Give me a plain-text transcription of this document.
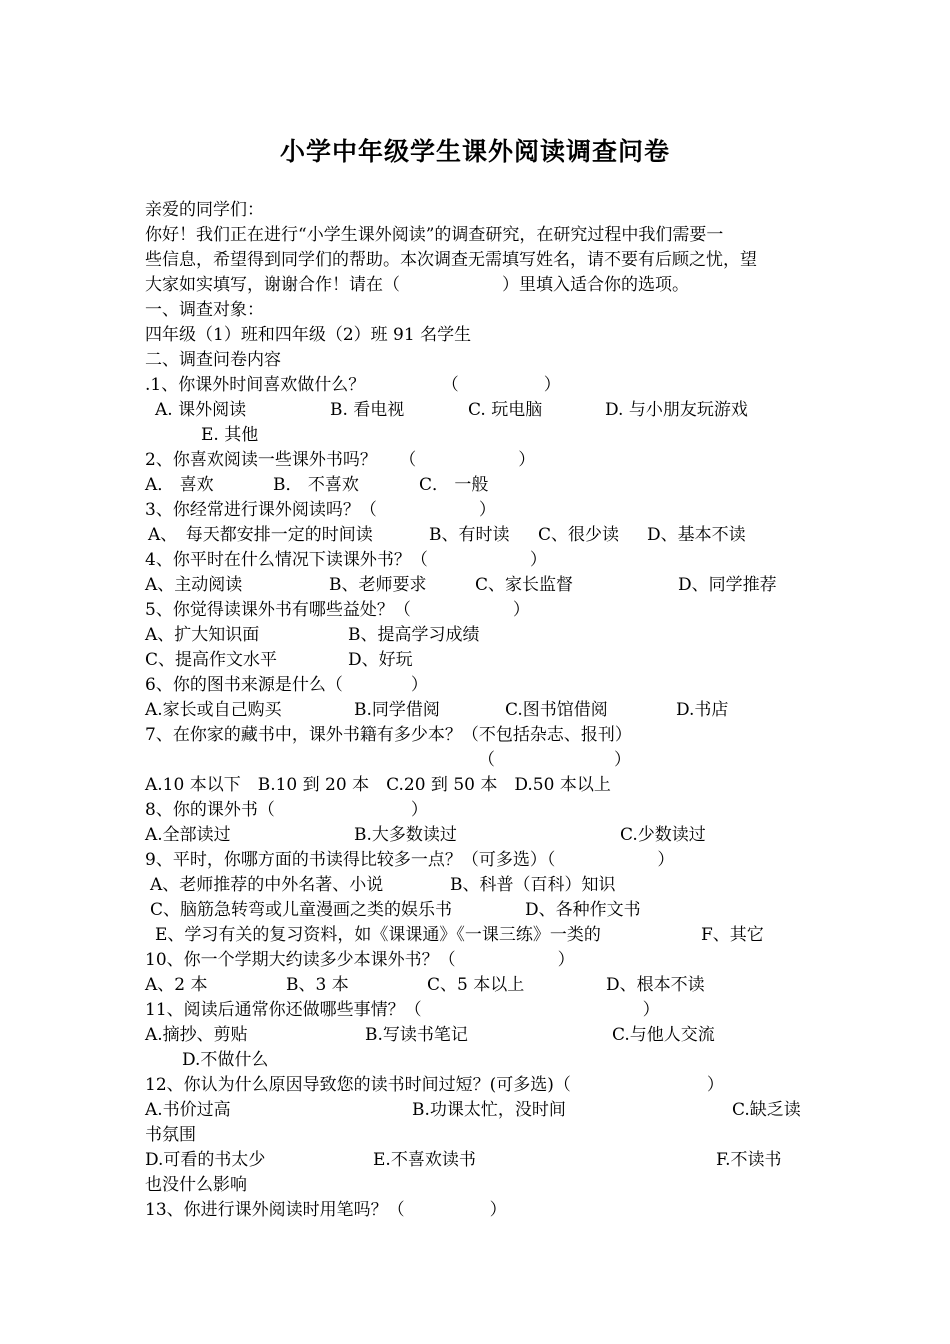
小学中年级学生课外阅读调查问卷
亲爱的同学们：
你好！我们正在进行“小学生课外阅读”的调查研究，在研究过程中我们需要一
些信息，希望得到同学们的帮助。本次调查无需填写姓名，请不要有后顾之忧，望
大家如实填写，谢谢合作！请在（　　　　　　）里填入适合你的选项。
一、调查对象：
四年级（1）班和四年级（2）班 91 名学生
二、调查问卷内容
.1、你课外时间喜欢做什么？　　　　　（　　　　　）
A. 课外阅读	B. 看电视	C. 玩电脑	D. 与小朋友玩游戏
E. 其他
2、你喜欢阅读一些课外书吗？　 （　　　　　　）
A． 喜欢	B． 不喜欢	C． 一般
3、你经常进行课外阅读吗？（　　　　　　）
A、　每天都安排一定的时间读	B、有时读 C、很少读 D、基本不读
4、你平时在什么情况下读课外书？（　　　　　　）
A、主动阅读	B、老师要求	C、家长监督	D、同学推荐
5、你觉得读课外书有哪些益处？（　　　　　　）
A、扩大知识面	B、提高学习成绩
C、提高作文水平	D、好玩
6、你的图书来源是什么（　　　　）
A.家长或自己购买	B.同学借阅	C.图书馆借阅	D.书店
7、在你家的藏书中，课外书籍有多少本？（不包括杂志、报刊）
（　　　　　　　）
A.10 本以下　B.10 到 20 本　C.20 到 50 本　D.50 本以上
8、你的课外书（　　　　　　　　）
A.全部读过	B.大多数读过	C.少数读过
9、平时，你哪方面的书读得比较多一点？（可多选）（　　　　　　）
A、老师推荐的中外名著、小说	B、科普（百科）知识
C、脑筋急转弯或儿童漫画之类的娱乐书	D、各种作文书
E、学习有关的复习资料，如《课课通》《一课三练》一类的	F、其它
10、你一个学期大约读多少本课外书？（　　　　　　）
A、2 本	B、3 本	C、5 本以上	D、根本不读
11、阅读后通常你还做哪些事情？（　　　　　　　　　　　　　）
A.摘抄、剪贴	B.写读书笔记	C.与他人交流
D.不做什么
12、你认为什么原因导致您的读书时间过短？(可多选)（　　　　　　　　）
A.书价过高	B.功课太忙，没时间	C.缺乏读
书氛围
D.可看的书太少	E.不喜欢读书	F.不读书
也没什么影响
13、你进行课外阅读时用笔吗？（　　　　　）
